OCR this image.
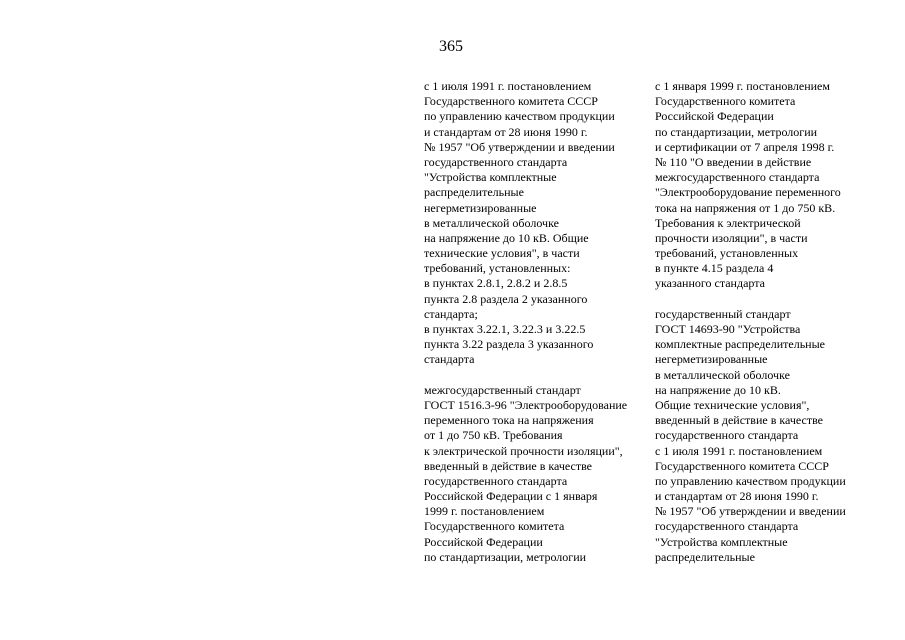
365
с 1 июля 1991 г. постановлением
Государственного комитета СССР
по управлению качеством продукции
и стандартам от 28 июня 1990 г.
№ 1957 "Об утверждении и введении
государственного стандарта
"Устройства комплектные
распределительные
негерметизированные
в металлической оболочке
на напряжение до 10 кВ. Общие
технические условия", в части
требований, установленных:
в пунктах 2.8.1, 2.8.2 и 2.8.5
пункта 2.8 раздела 2 указанного
стандарта;
в пунктах 3.22.1, 3.22.3 и 3.22.5
пункта 3.22 раздела 3 указанного
стандарта
межгосударственный стандарт
ГОСТ 1516.3-96 "Электрооборудование
переменного тока на напряжения
от 1 до 750 кВ. Требования
к электрической прочности изоляции",
введенный в действие в качестве
государственного стандарта
Российской Федерации с 1 января
1999 г. постановлением
Государственного комитета
Российской Федерации
по стандартизации, метрологии
с 1 января 1999 г. постановлением
Государственного комитета
Российской Федерации
по стандартизации, метрологии
и сертификации от 7 апреля 1998 г.
№ 110 "О введении в действие
межгосударственного стандарта
"Электрооборудование переменного
тока на напряжения от 1 до 750 кВ.
Требования к электрической
прочности изоляции", в части
требований, установленных
в пункте 4.15 раздела 4
указанного стандарта
государственный стандарт
ГОСТ 14693-90 "Устройства
комплектные распределительные
негерметизированные
в металлической оболочке
на напряжение до 10 кВ.
Общие технические условия",
введенный в действие в качестве
государственного стандарта
с 1 июля 1991 г. постановлением
Государственного комитета СССР
по управлению качеством продукции
и стандартам от 28 июня 1990 г.
№ 1957 "Об утверждении и введении
государственного стандарта
"Устройства комплектные
распределительные
